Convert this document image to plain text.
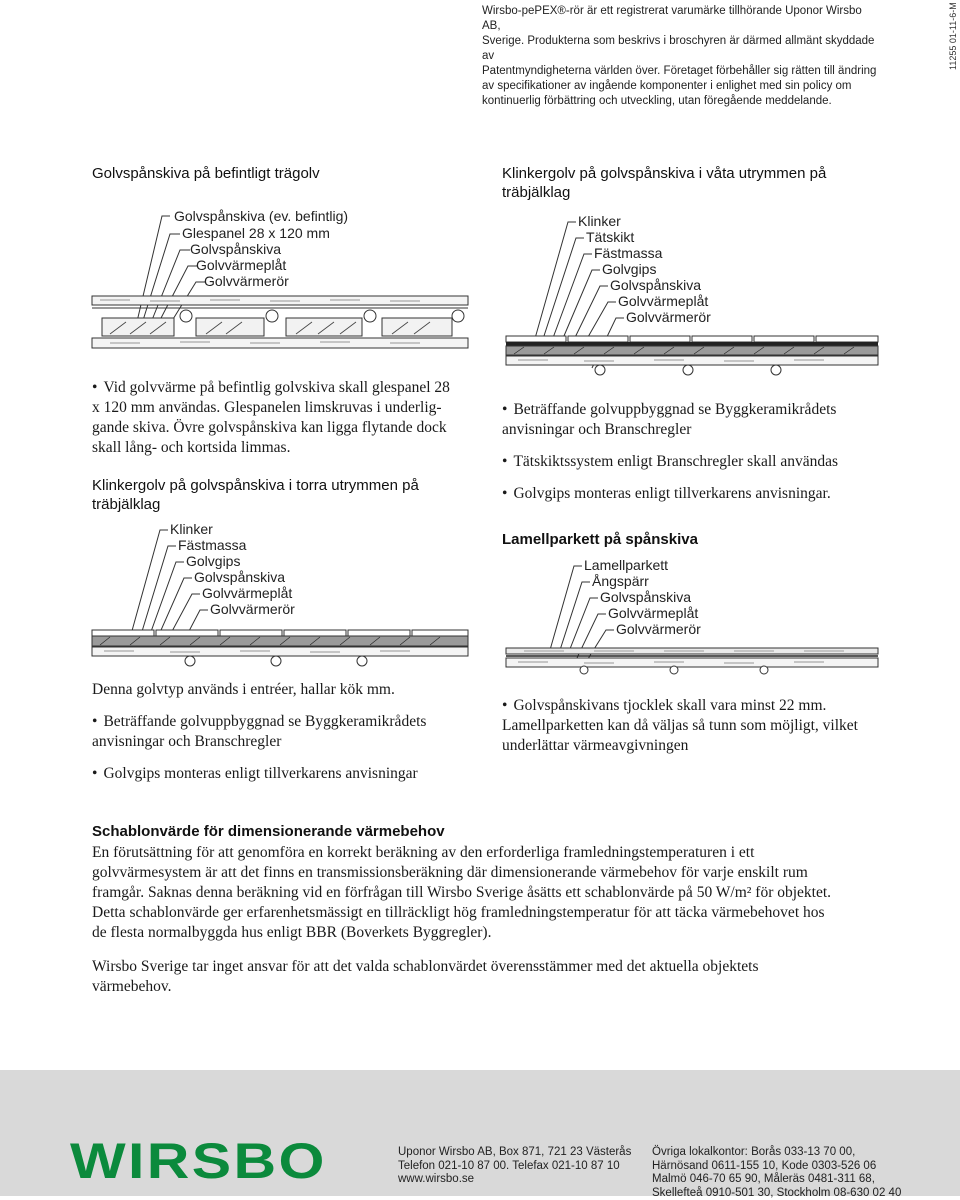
Wirsbo-pePEX®-rör är ett registrerat varumärke tillhörande Uponor Wirsbo AB,
Sverige. Produkterna som beskrivs i broschyren är därmed allmänt skyddade av
Patentmyndigheterna världen över. Företaget förbehåller sig rätten till ändring
av specifikationer av ingående komponenter i enlighet med sin policy om
kontinuerlig förbättring och utveckling, utan föregående meddelande.
11255 01-11-6-M
Golvspånskiva på befintligt trägolv
Golvspånskiva (ev. befintlig)
Glespanel 28 x 120 mm
Golvspånskiva
Golvvärmeplåt
Golvvärmerör

• Vid golvvärme på befintlig golvskiva skall glespanel 28

x 120 mm användas. Glespanelen limskruvas i underlig-

gande skiva. Övre golvspånskiva kan ligga flytande dock

skall lång- och kortsida limmas.

Klinkergolv på golvspånskiva i torra utrymmen på
träbjälklag
Klinker
Fästmassa
Golvgips
Golvspånskiva
Golvvärmeplåt
Golvvärmerör

Denna golvtyp används i entréer, hallar kök mm.

• Beträffande golvuppbyggnad se Byggkeramikrådets

anvisningar och Branschregler

• Golvgips monteras enligt tillverkarens anvisningar

Klinkergolv på golvspånskiva i våta utrymmen på
träbjälklag
Klinker
Tätskikt
Fästmassa
Golvgips
Golvspånskiva
Golvvärmeplåt
Golvvärmerör

• Beträffande golvuppbyggnad se Byggkeramikrådets

anvisningar och Branschregler

• Tätskiktssystem enligt Branschregler skall användas

• Golvgips monteras enligt tillverkarens anvisningar.

Lamellparkett på spånskiva
Lamellparkett
Ångspärr
Golvspånskiva
Golvvärmeplåt
Golvvärmerör

• Golvspånskivans tjocklek skall vara minst 22 mm.

Lamellparketten kan då väljas så tunn som möjligt, vilket

underlättar värmeavgivningen

Schablonvärde för dimensionerande värmebehov

En förutsättning för att genomföra en korrekt beräkning av den erforderliga framledningstemperaturen i ett

golvvärmesystem är att det finns en transmissionsberäkning där dimensionerande värmebehov för varje enskilt rum

framgår. Saknas denna beräkning vid en förfrågan till Wirsbo Sverige åsätts ett schablonvärde på 50 W/m² för objektet.

Detta schablonvärde ger erfarenhetsmässigt en tillräckligt hög framledningstemperatur för att täcka värmebehovet hos

de flesta normalbyggda hus enligt BBR (Boverkets Byggregler).

Wirsbo Sverige tar inget ansvar för att det valda schablonvärdet överensstämmer med det aktuella objektets

värmebehov.

WIRSBO	Uponor Wirsbo AB, Box 871, 721 23 Västerås
Telefon 021-10 87 00. Telefax 021-10 87 10
www.wirsbo.se
Övriga lokalkontor: Borås 033-13 70 00,
Härnösand 0611-155 10, Kode 0303-526 06
Malmö 046-70 65 90, Måleräs 0481-311 68,
Skellefteå 0910-501 30, Stockholm 08-630 02 40
